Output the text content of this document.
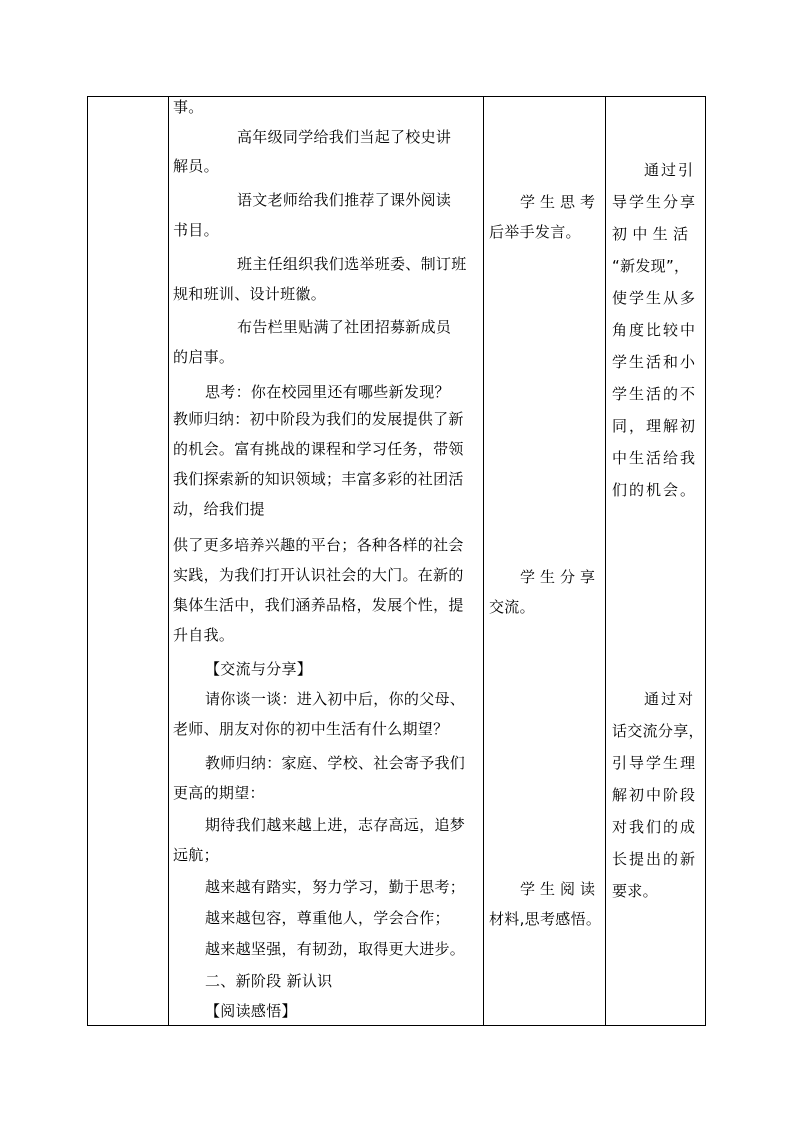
事。
高年级同学给我们当起了校史讲
解员。
语文老师给我们推荐了课外阅读
书目。
班主任组织我们选举班委、制订班
规和班训、设计班徽。
布告栏里贴满了社团招募新成员
的启事。
思考：你在校园里还有哪些新发现？
教师归纳：初中阶段为我们的发展提供了新
的机会。富有挑战的课程和学习任务，带领
我们探索新的知识领域；丰富多彩的社团活
动，给我们提
供了更多培养兴趣的平台；各种各样的社会
实践，为我们打开认识社会的大门。在新的
集体生活中，我们涵养品格，发展个性，提
升自我。
【交流与分享】
请你谈一谈：进入初中后，你的父母、
老师、朋友对你的初中生活有什么期望？
教师归纳：家庭、学校、社会寄予我们
更高的期望：
期待我们越来越上进，志存高远，追梦
远航；
越来越有踏实，努力学习，勤于思考；
越来越包容，尊重他人，学会合作；
越来越坚强，有韧劲，取得更大进步。
二、新阶段 新认识
【阅读感悟】
学生思考
后举手发言。
学生分享
交流。
学生阅读
材料,思考感悟。
通过引
导学生分享
初 中 生 活
“新发现”，
使学生从多
角度比较中
学生活和小
学生活的不
同，理解初
中生活给我
们的机会。
通过对
话交流分享，
引导学生理
解初中阶段
对我们的成
长提出的新
要求。
